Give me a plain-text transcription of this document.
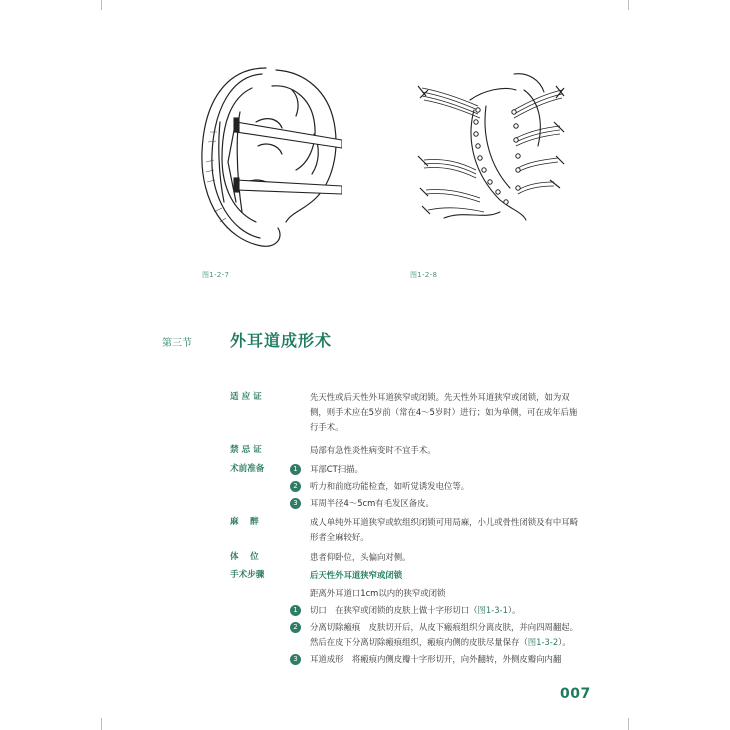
图1-2-7	图1-2-8
第三节 外耳道成形术
适 应 证	先天性或后天性外耳道狭窄或闭锁。先天性外耳道狭窄或闭锁，如为双侧，则手术应在5岁前（常在4～5岁时）进行；如为单侧，可在成年后施行手术。
禁 忌 证	局部有急性炎性病变时不宜手术。
术前准备	1	耳部CT扫描。
2	听力和前庭功能检查，如听觉诱发电位等。
3	耳周半径4～5cm有毛发区备皮。
麻　 醉	成人单纯外耳道狭窄或软组织闭锁可用局麻，小儿或骨性闭锁及有中耳畸形者全麻较好。
体　 位	患者仰卧位，头偏向对侧。
手术步骤	后天性外耳道狭窄或闭锁
距离外耳道口1cm以内的狭窄或闭锁
1	切口　在狭窄或闭锁的皮肤上做十字形切口（图1-3-1）。
2	分离切除瘢痕　皮肤切开后，从皮下瘢痕组织分离皮肤，并向四周翻起。然后在皮下分离切除瘢痕组织，瘢痕内侧的皮肤尽量保存（图1-3-2）。
3	耳道成形　将瘢痕内侧皮瓣十字形切开，向外翻转，外侧皮瓣向内翻
007
